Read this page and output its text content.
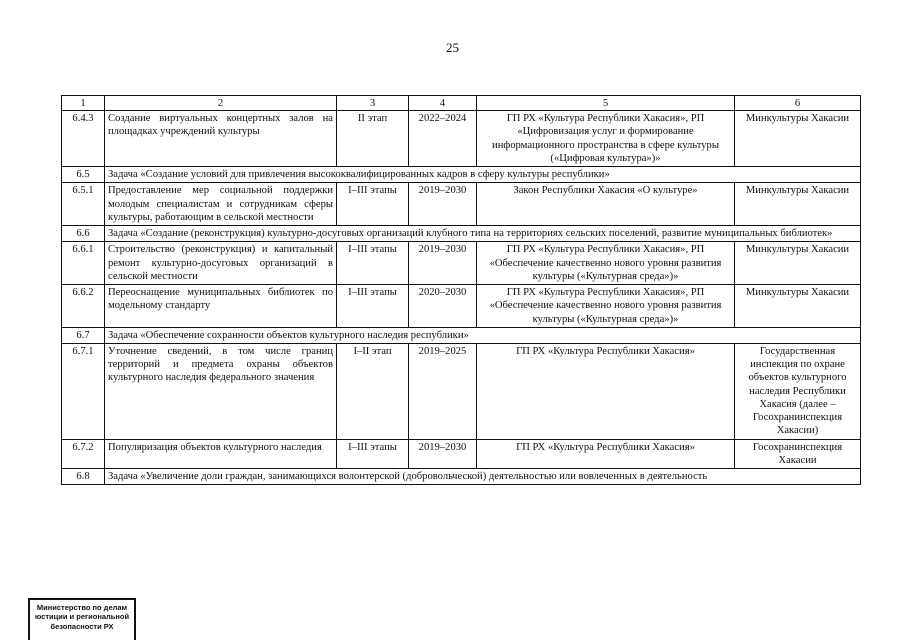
25
1	2	3	4	5	6
6.4.3	Создание виртуальных концертных залов на площадках учреждений культуры	II этап	2022–2024	ГП РХ «Культура Республики Хакасия», РП «Цифровизация услуг и формирование информационного пространства в сфере культуры («Цифровая культура»)»	Минкультуры Хакасии
6.5	Задача «Создание условий для привлечения высококвалифицированных кадров в сферу культуры республики»				
6.5.1	Предоставление мер социальной поддержки молодым специалистам и сотрудникам сферы культуры, работающим в сельской местности	I–III этапы	2019–2030	Закон Республики Хакасия «О культуре»	Минкультуры Хакасии
6.6	Задача «Создание (реконструкция) культурно-досуговых организаций клубного типа на территориях сельских поселений, развитие муниципальных библиотек»				
6.6.1	Строительство (реконструкция) и капитальный ремонт культурно-досуговых организаций в сельской местности	I–III этапы	2019–2030	ГП РХ «Культура Республики Хакасия», РП «Обеспечение качественно нового уровня развития культуры («Культурная среда»)»	Минкультуры Хакасии
6.6.2	Переоснащение муниципальных библиотек по модельному стандарту	I–III этапы	2020–2030	ГП РХ «Культура Республики Хакасия», РП «Обеспечение качественно нового уровня развития культуры («Культурная среда»)»	Минкультуры Хакасии
6.7	Задача «Обеспечение сохранности объектов культурного наследия республики»				
6.7.1	Уточнение сведений, в том числе границ территорий и предмета охраны объектов культурного наследия федерального значения	I–II этап	2019–2025	ГП РХ «Культура Республики Хакасия»	Государственная инспекция по охране объектов культурного наследия Республики Хакасия (далее – Госохранинспекция Хакасии)
6.7.2	Популяризация объектов культурного наследия	I–III этапы	2019–2030	ГП РХ «Культура Республики Хакасия»	Госохранинспекция Хакасии
6.8	Задача «Увеличение доли граждан, занимающихся волонтерской (добровольческой) деятельностью или вовлеченных в деятельность				
Министерство по делам
юстиции и региональной
безопасности РХ
